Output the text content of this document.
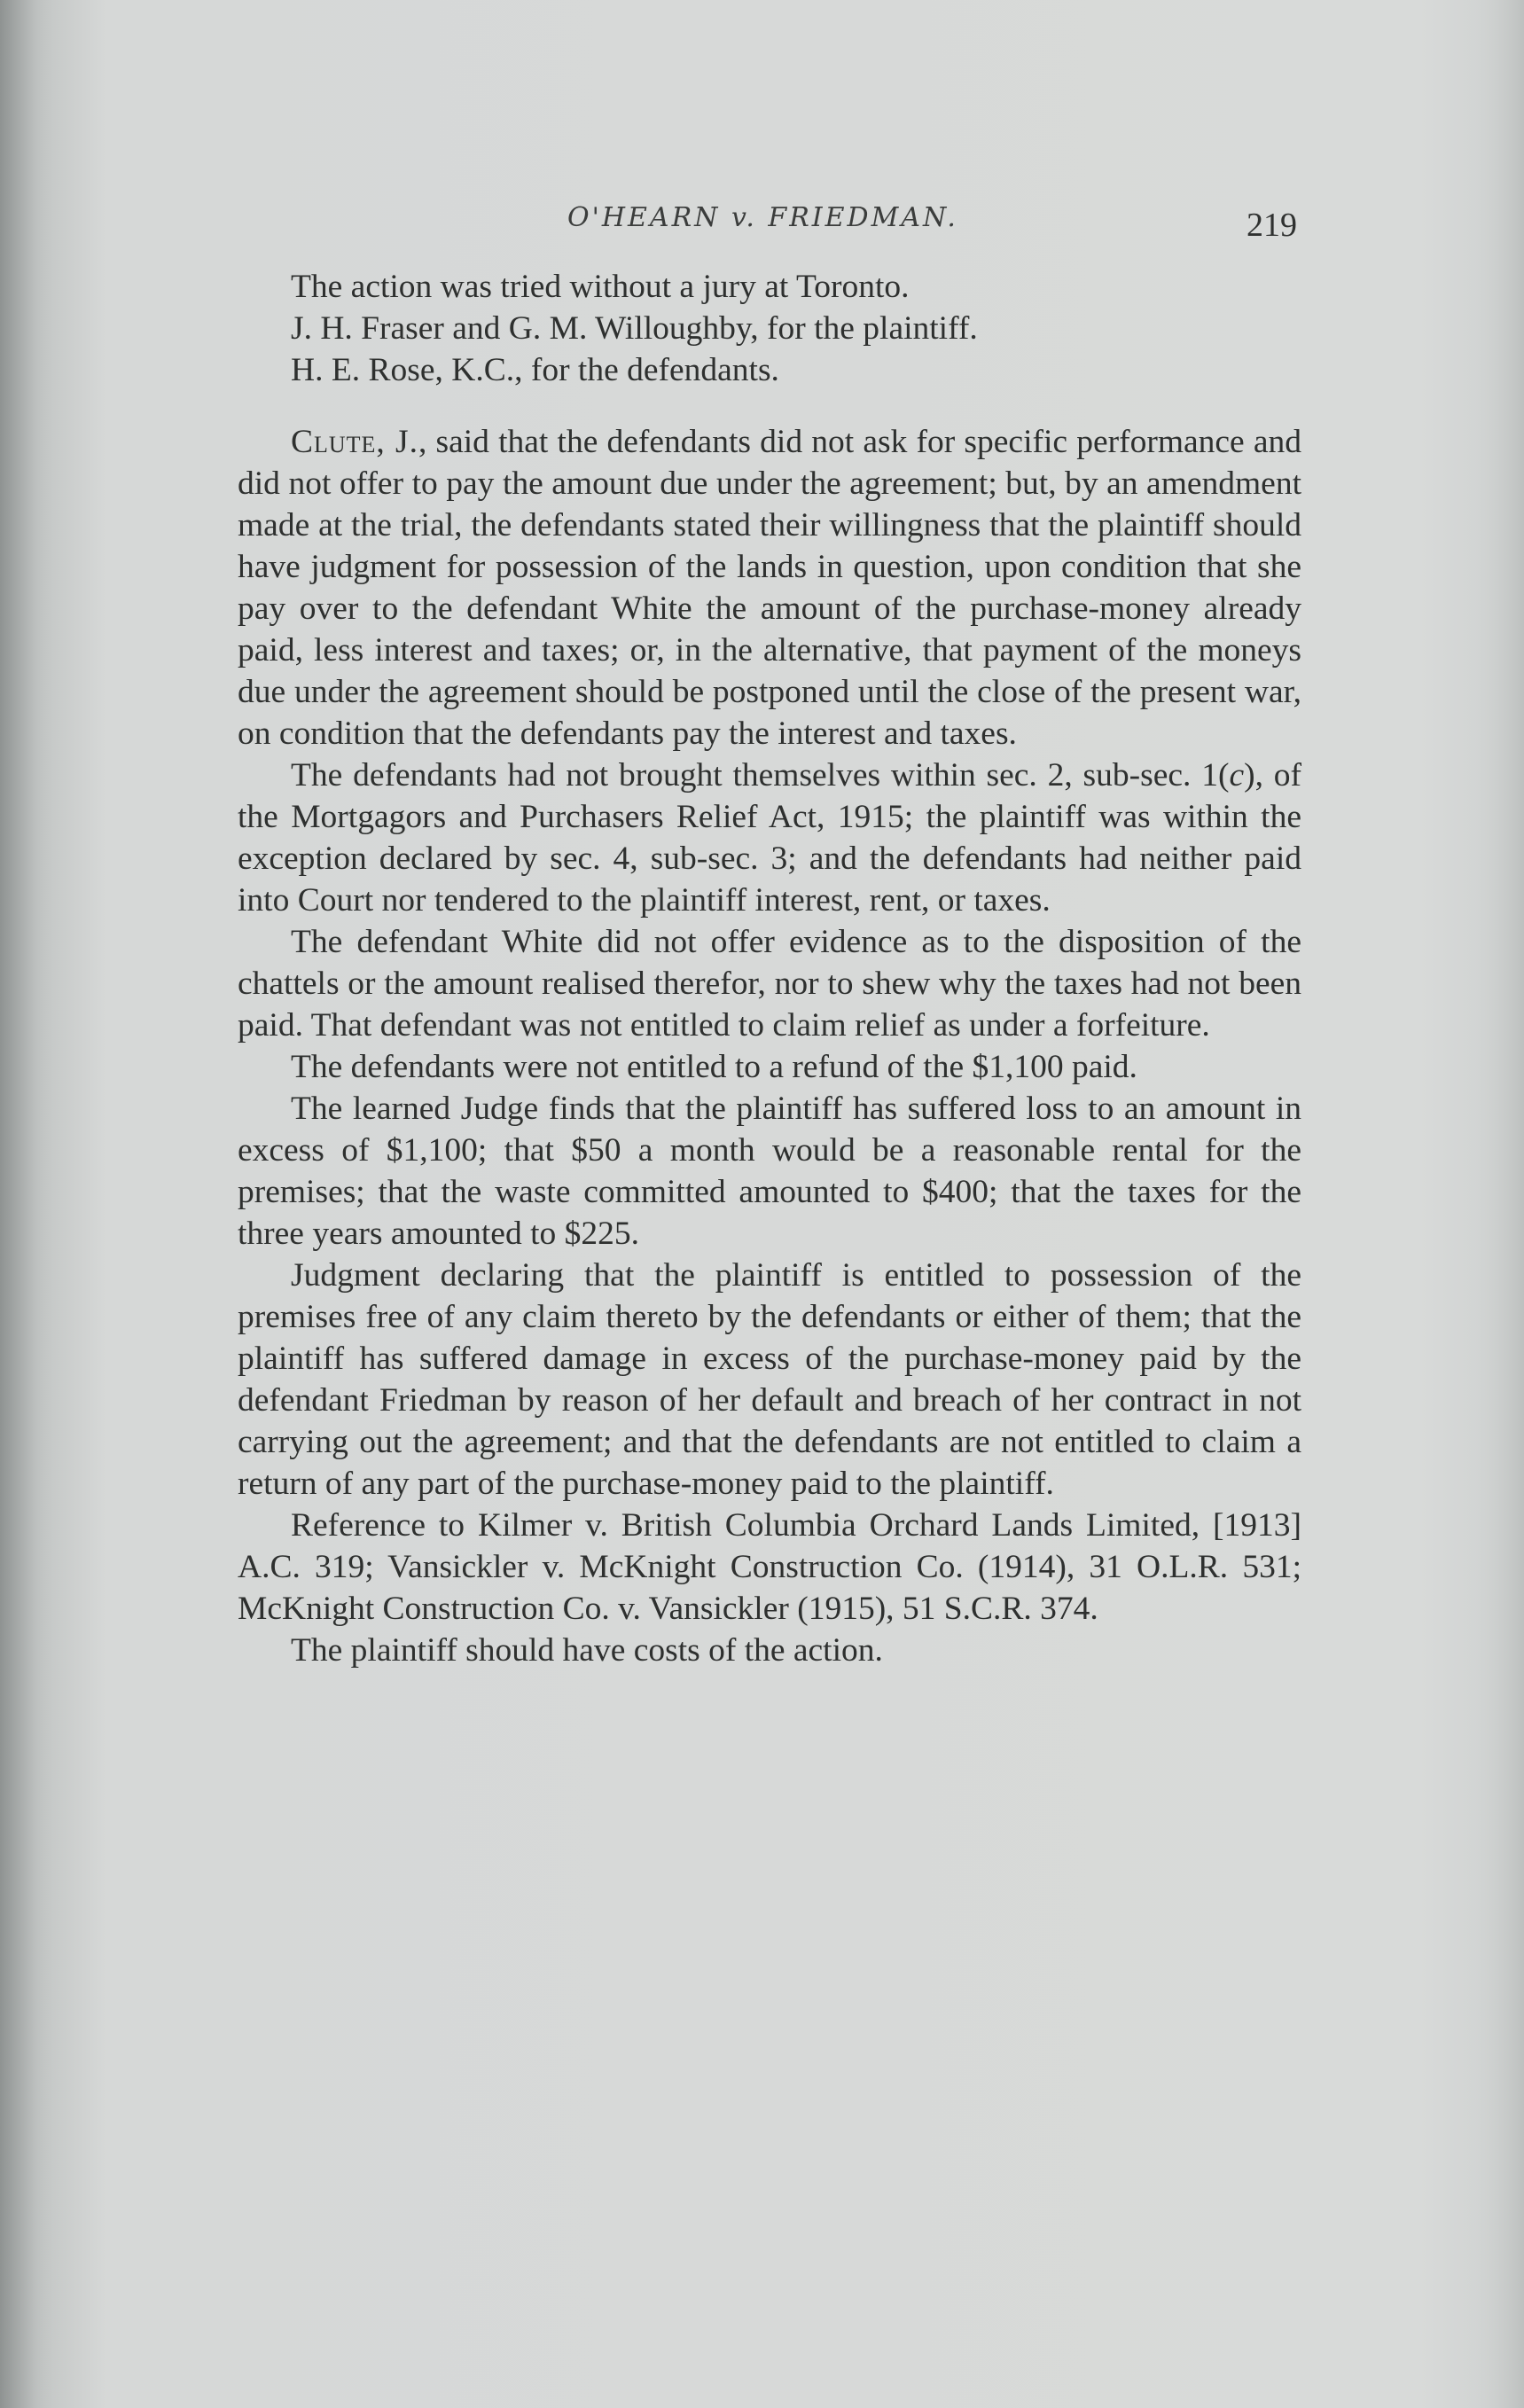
O'HEARN v. FRIEDMAN.	219

The action was tried without a jury at Toronto.

J. H. Fraser and G. M. Willoughby, for the plaintiff.

H. E. Rose, K.C., for the defendants.

Clute, J., said that the defendants did not ask for specific performance and did not offer to pay the amount due under the agreement; but, by an amendment made at the trial, the defendants stated their willingness that the plaintiff should have judgment for possession of the lands in question, upon condition that she pay over to the defendant White the amount of the purchase-money already paid, less interest and taxes; or, in the alternative, that payment of the moneys due under the agreement should be postponed until the close of the present war, on condition that the defendants pay the interest and taxes.

The defendants had not brought themselves within sec. 2, sub-sec. 1(c), of the Mortgagors and Purchasers Relief Act, 1915; the plaintiff was within the exception declared by sec. 4, sub-sec. 3; and the defendants had neither paid into Court nor tendered to the plaintiff interest, rent, or taxes.

The defendant White did not offer evidence as to the disposition of the chattels or the amount realised therefor, nor to shew why the taxes had not been paid. That defendant was not entitled to claim relief as under a forfeiture.

The defendants were not entitled to a refund of the $1,100 paid.

The learned Judge finds that the plaintiff has suffered loss to an amount in excess of $1,100; that $50 a month would be a reasonable rental for the premises; that the waste committed amounted to $400; that the taxes for the three years amounted to $225.

Judgment declaring that the plaintiff is entitled to possession of the premises free of any claim thereto by the defendants or either of them; that the plaintiff has suffered damage in excess of the purchase-money paid by the defendant Friedman by reason of her default and breach of her contract in not carrying out the agreement; and that the defendants are not entitled to claim a return of any part of the purchase-money paid to the plaintiff.

Reference to Kilmer v. British Columbia Orchard Lands Limited, [1913] A.C. 319; Vansickler v. McKnight Construction Co. (1914), 31 O.L.R. 531; McKnight Construction Co. v. Vansickler (1915), 51 S.C.R. 374.

The plaintiff should have costs of the action.
